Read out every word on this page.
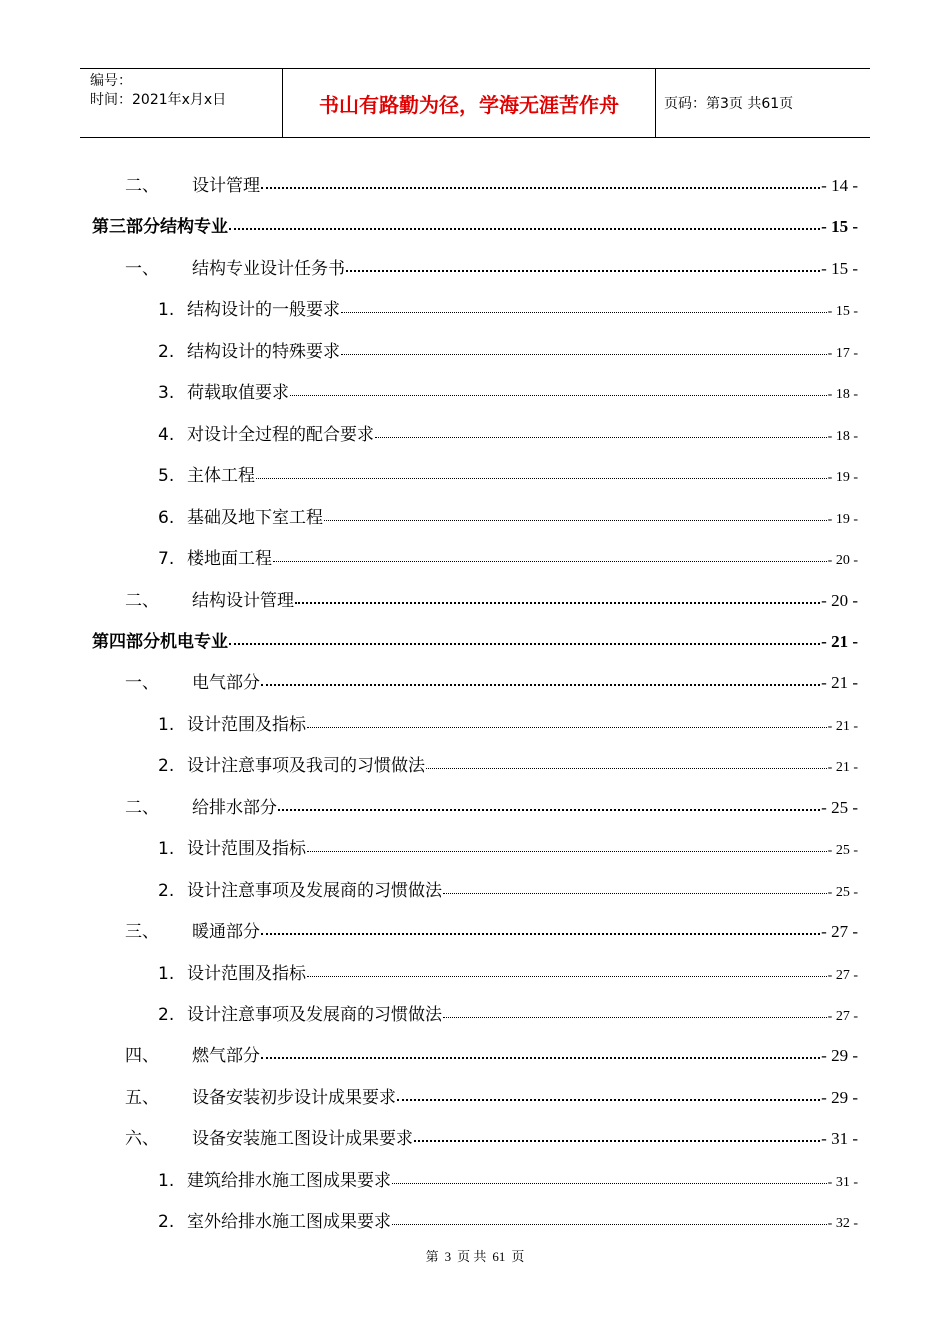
编号：
时间：2021年x月x日	书山有路勤为径，学海无涯苦作舟	页码：第3页 共61页
二、 设计管理	- 14 -
第三部分结构专业	- 15 -
一、 结构专业设计任务书	- 15 -
1. 结构设计的一般要求	- 15 -
2. 结构设计的特殊要求	- 17 -
3. 荷载取值要求	- 18 -
4. 对设计全过程的配合要求	- 18 -
5. 主体工程	- 19 -
6. 基础及地下室工程	- 19 -
7. 楼地面工程	- 20 -
二、 结构设计管理	- 20 -
第四部分机电专业	- 21 -
一、 电气部分	- 21 -
1. 设计范围及指标	- 21 -
2. 设计注意事项及我司的习惯做法	- 21 -
二、 给排水部分	- 25 -
1. 设计范围及指标	- 25 -
2. 设计注意事项及发展商的习惯做法	- 25 -
三、 暖通部分	- 27 -
1. 设计范围及指标	- 27 -
2. 设计注意事项及发展商的习惯做法	- 27 -
四、 燃气部分	- 29 -
五、 设备安装初步设计成果要求	- 29 -
六、 设备安装施工图设计成果要求	- 31 -
1. 建筑给排水施工图成果要求	- 31 -
2. 室外给排水施工图成果要求	- 32 -
第 3 页 共 61 页
